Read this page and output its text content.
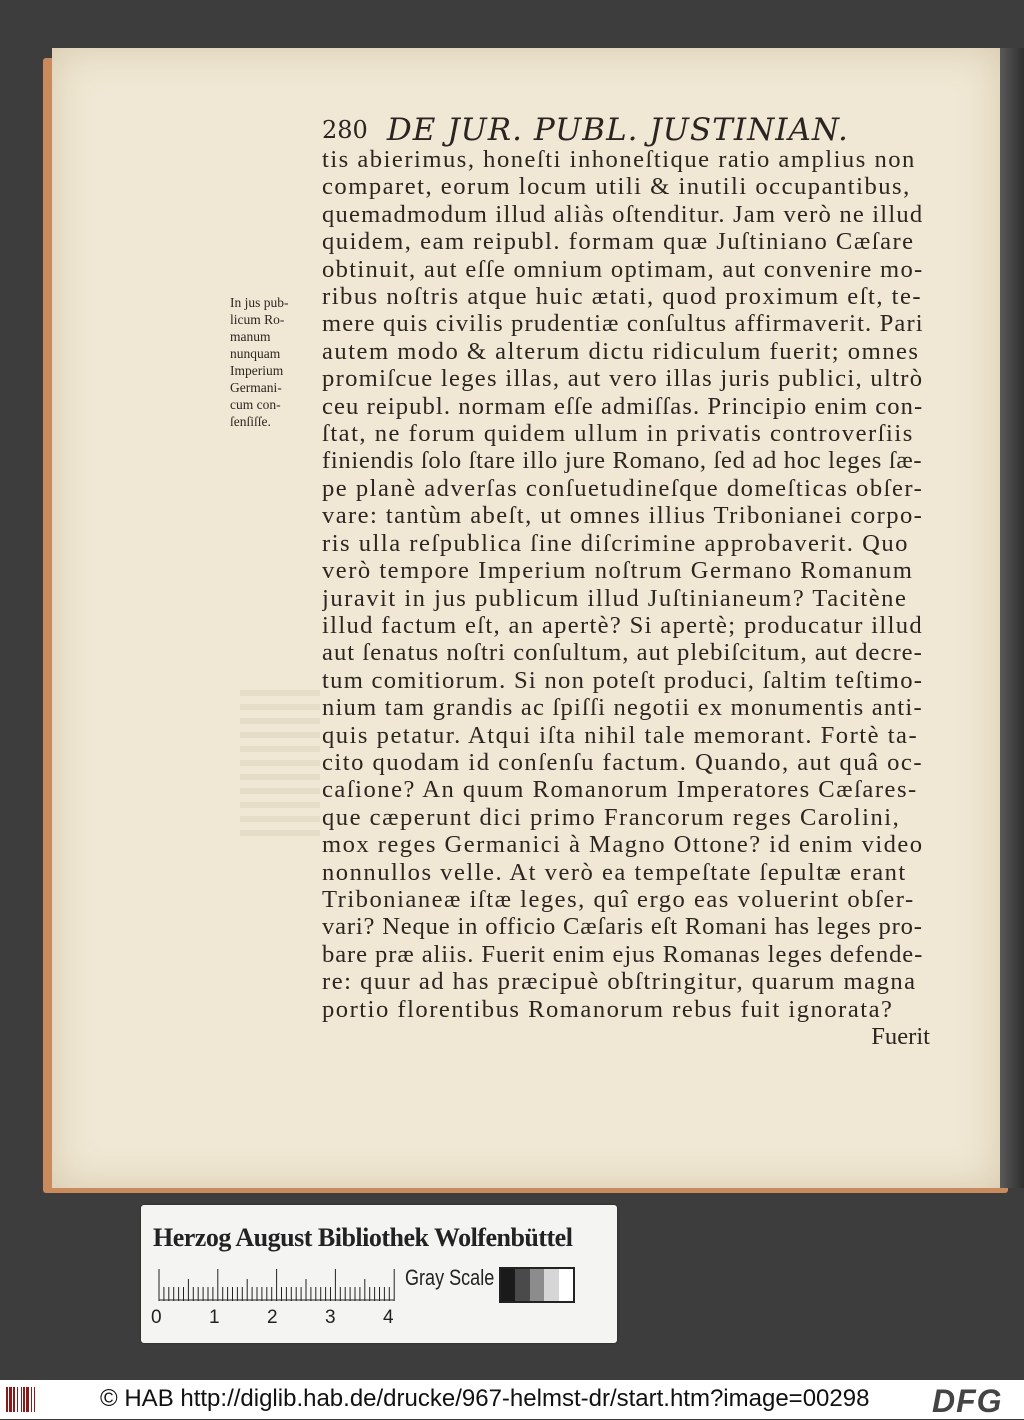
280 DE JUR. PUBL. JUSTINIAN.
In jus pub-
licum Ro-
manum
nunquam
Imperium
Germani-
cum con-
ſenſiſſe.
tis abierimus, honeſti inhoneſtique ratio amplius non
comparet, eorum locum utili & inutili occupantibus,
quemadmodum illud aliàs oſtenditur. Jam verò ne illud
quidem, eam reipubl. formam quæ Juſtiniano Cæſare
obtinuit, aut eſſe omnium optimam, aut convenire mo-
ribus noſtris atque huic ætati, quod proximum eſt, te-
mere quis civilis prudentiæ conſultus affirmaverit. Pari
autem modo & alterum dictu ridiculum fuerit; omnes
promiſcue leges illas, aut vero illas juris publici, ultrò
ceu reipubl. normam eſſe admiſſas. Principio enim con-
ſtat, ne forum quidem ullum in privatis controverſiis
finiendis ſolo ſtare illo jure Romano, ſed ad hoc leges ſæ-
pe planè adverſas conſuetudineſque domeſticas obſer-
vare: tantùm abeſt, ut omnes illius Tribonianei corpo-
ris ulla reſpublica ſine diſcrimine approbaverit. Quo
verò tempore Imperium noſtrum Germano Romanum
juravit in jus publicum illud Juſtinianeum? Tacitène
illud factum eſt, an apertè? Si apertè; producatur illud
aut ſenatus noſtri conſultum, aut plebiſcitum, aut decre-
tum comitiorum. Si non poteſt produci, ſaltim teſtimo-
nium tam grandis ac ſpiſſi negotii ex monumentis anti-
quis petatur. Atqui iſta nihil tale memorant. Fortè ta-
cito quodam id conſenſu factum. Quando, aut quâ oc-
caſione? An quum Romanorum Imperatores Cæſares-
que cæperunt dici primo Francorum reges Carolini,
mox reges Germanici à Magno Ottone? id enim video
nonnullos velle. At verò ea tempeſtate ſepultæ erant
Tribonianeæ iſtæ leges, quî ergo eas voluerint obſer-
vari? Neque in officio Cæſaris eſt Romani has leges pro-
bare præ aliis. Fuerit enim ejus Romanas leges defende-
re: quur ad has præcipuè obſtringitur, quarum magna
portio florentibus Romanorum rebus fuit ignorata?
Fuerit
Herzog August Bibliothek Wolfenbüttel
Gray Scale
0 1 2 3 4
© HAB http://diglib.hab.de/drucke/967-helmst-dr/start.htm?image=00298 DFG
